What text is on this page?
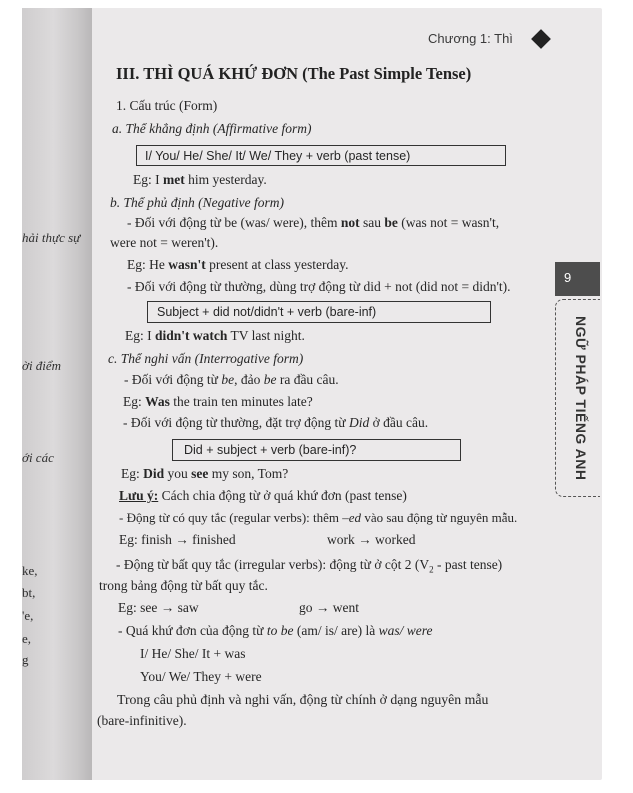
hải thực sự
ời điểm
ới các
ke,
bt,
'e,
e,
g
Chương 1: Thì
III. THÌ QUÁ KHỨ ĐƠN (The Past Simple Tense)
1. Cấu trúc (Form)
a. Thể khẳng định (Affirmative form)
I/ You/ He/ She/ It/ We/ They + verb (past tense)
Eg: I met him yesterday.
b. Thể phủ định (Negative form)
- Đối với động từ be (was/ were), thêm not sau be (was not = wasn't,
were not = weren't).
Eg: He wasn't present at class yesterday.
- Đối với động từ thường, dùng trợ động từ did + not (did not = didn't).
Subject + did not/didn't + verb (bare-inf)
Eg: I didn't watch TV last night.
c. Thể nghi vấn (Interrogative form)
- Đối với động từ be, đảo be ra đầu câu.
Eg: Was the train ten minutes late?
- Đối với động từ thường, đặt trợ động từ Did ở đầu câu.
Did + subject + verb (bare-inf)?
Eg: Did you see my son, Tom?
Lưu ý: Cách chia động từ ở quá khứ đơn (past tense)
- Động từ có quy tắc (regular verbs): thêm –ed vào sau động từ nguyên mẫu.
Eg: finish → finished	work → worked
- Động từ bất quy tắc (irregular verbs): động từ ở cột 2 ($V_2$ - past tense)
trong bảng động từ bất quy tắc.
Eg: see → saw	go → went
- Quá khứ đơn của động từ to be (am/ is/ are) là was/ were
I/ He/ She/ It + was
You/ We/ They + were
Trong câu phủ định và nghi vấn, động từ chính ở dạng nguyên mẫu
(bare-infinitive).
9
NGỮ PHÁP TIẾNG ANH
